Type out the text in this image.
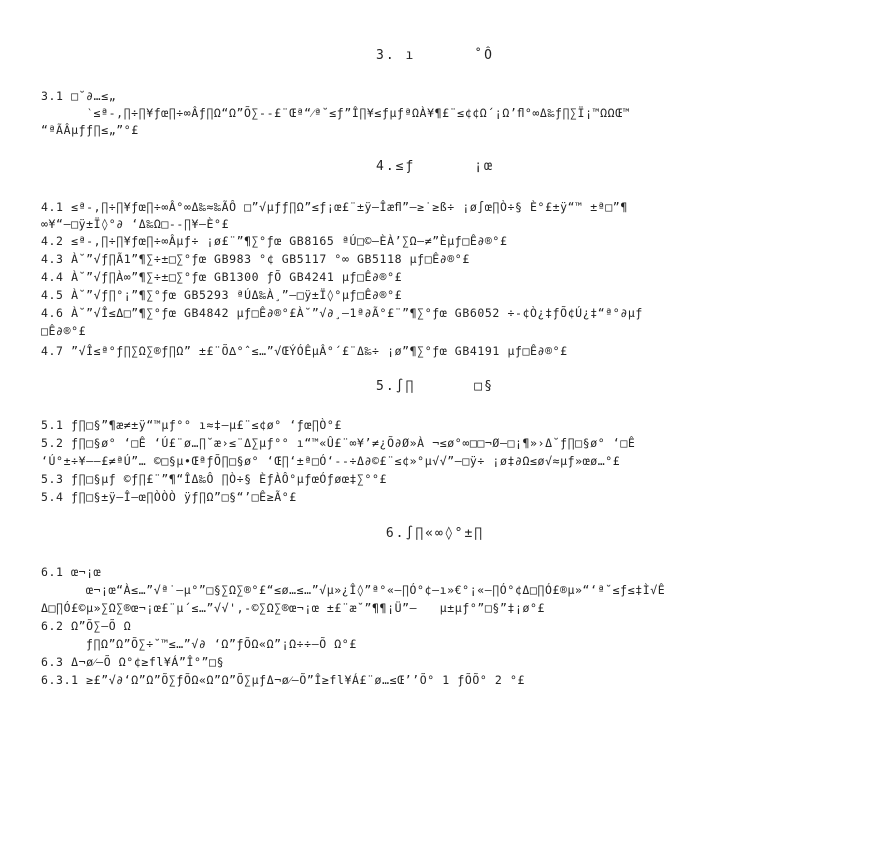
3. ı      ˚Ô
3.1 □˘∂…≤„
‵≤ª-,∏÷∏¥ƒœ∏÷∞Âƒ∏Ω“Ω”Õ∑--£¨Œª“⁄ª˘≤ƒ”Î∏¥≤ƒµƒªΩÀ¥¶£¨≤¢¢Ω´¡Ω’ﬂ°∞Δ‰ƒ∏∑Ï¡™ΩΩŒ™
“ªÃÂµƒƒ∏≤„”°£
4.≤ƒ      ¡œ
4.1 ≤ª-,∏÷∏¥ƒœ∏÷∞Â°∞Δ‰≈‰ÃÔ □”√µƒƒ∏Ω”≤ƒ¡œ£¨±ÿ–Îæﬂ”–≥˙≥ß÷ ¡ø∫œ∏Ò÷§ È°£±ÿ“™ ±ª□”¶
∞¥“–□ÿ±Ï◊°∂ ‘Δ‰Ω□--∏¥–È°£
4.2 ≤ª-,∏÷∏¥ƒœ∏÷∞Âµƒ÷ ¡ø£¨”¶∑°ƒœ GB8165 ªÚ□©–ÈÀ’∑Ω–≠”Èµƒ□Ê∂®°£
4.3 À˘”√ƒ∏Ã1”¶∑÷±□∑°ƒœ GB983 °¢ GB5117 °∞ GB5118 µƒ□Ê∂®°£
4.4 À˘”√ƒ∏À∞”¶∑÷±□∑°ƒœ GB1300 ƒÕ GB4241 µƒ□Ê∂®°£
4.5 À˘”√ƒ∏°¡”¶∑°ƒœ GB5293 ªÚΔ‰À¸”–□ÿ±Ï◊°µƒ□Ê∂®°£
4.6 À˘”√Î≤Δ□”¶∑°ƒœ GB4842 µƒ□Ê∂®°£À˘”√∂¸–1ª∂Ã°£¨”¶∑°ƒœ GB6052 ÷-¢Ò¿‡ƒÕ¢Ú¿‡“ª°∂µƒ
□Ê∂®°£
4.7 ”√Î≤ª°ƒ∏∑Ω∑®ƒ∏Ω” ±£¨Õ∆°ˆ≤…”√ŒÝÓÊµÂ°´£¨Δ‰÷ ¡ø”¶∑°ƒœ GB4191 µƒ□Ê∂®°£
5.∫∏      □§
5.1 ƒ∏□§”¶æ≠±ÿ“™µƒ°° ı≈‡–µ£¨≤¢ø° ‘ƒœ∏Ò°£
5.2 ƒ∏□§ø° ‘□Ê ‘Ú£¨ø…∏˘æ›≤¨Δ∑µƒ°° ı“™«Û£¨∞¥’≠¿Õ∂Ø»À ¬≤ø°∞□□¬Ø–□¡¶»›Δ˘ƒ∏□§ø° ‘□Ê
‘Ú°±÷¥––£≠ªÚ”… ©□§µ•ŒªƒÕ∏□§ø° ‘Œ∏‘±ª□Ó‘--÷Δ∂©£¨≤¢»°µ√√”–□ÿ÷ ¡ø‡∂Ω≤ø√≈µƒ»œø…°£
5.3 ƒ∏□§µƒ ©ƒ∏£¨”¶“ÎΔ‰Ô ∏Ò÷§ ÈƒÀÔ°µƒœÓƒøœ‡∑°°£
5.4 ƒ∏□§±ÿ–Î–œ∏ÒÒÒ ÿƒ∏Ω”□§“’□Ê≥Ã°£
6.∫∏«∞◊°±∏
6.1 œ¬¡œ
œ¬¡œ“À≤…”√ª˙–µ°”□§∑Ω∑®°£“≤ø…≤…”√µ»¿Î◊”ª°«–∏Ó°¢—ı»€°¡«–∏Ó°¢Δ□∏Ó£®µ»“‘ª˘≤ƒ≤‡Ì√Ê
Δ□∏Ó£©µ»∑Ω∑®œ¬¡œ£¨µ´≤…”√√',-©∑Ω∑®œ¬¡œ ±£¨æ˘”¶¶¡Ü”–   µ±µƒ°”□§”‡¡ø°£
6.2 Ω”Õ∑–Õ Ω
ƒ∏Ω”Ω”Õ∑÷˘™≤…”√∂ ‘Ω”ƒÕΩ«Ω”¡Ω÷÷–Õ Ω°£
6.3 Δ¬ø⁄–Õ Ω°¢≥fl¥Á”Î°”□§
6.3.1 ≥£”√∂‘Ω”Ω”Õ∑ƒÕΩ«Ω”Ω”Õ∑µƒΔ¬ø⁄–Õ”Î≥fl¥Á£¨ø…≤Œ’’Õ° 1 ƒÕÕ° 2 °£
